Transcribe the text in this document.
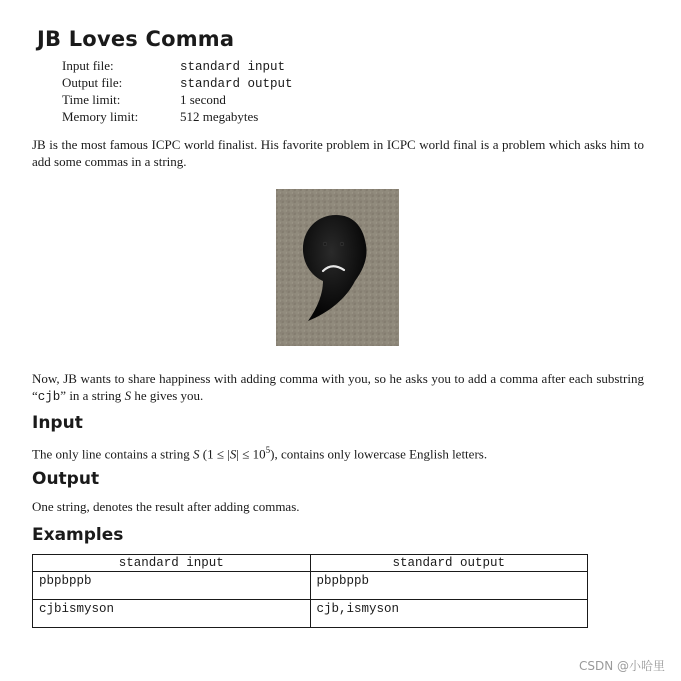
JB Loves Comma
Input file:	standard input
Output file:	standard output
Time limit:	1 second
Memory limit:	512 megabytes

JB is the most famous ICPC world finalist. His favorite problem in ICPC world final is a problem which asks him to add some commas in a string.

Now, JB wants to share happiness with adding comma with you, so he asks you to add a comma after each substring “cjb” in a string S he gives you.

Input

The only line contains a string S $(1 \le |S| \le 10^5)$, contains only lowercase English letters.

Output

One string, denotes the result after adding commas.

Examples
standard input	standard output
pbpbppb	pbpbppb
cjbismyson	cjb,ismyson
CSDN @小哈里
